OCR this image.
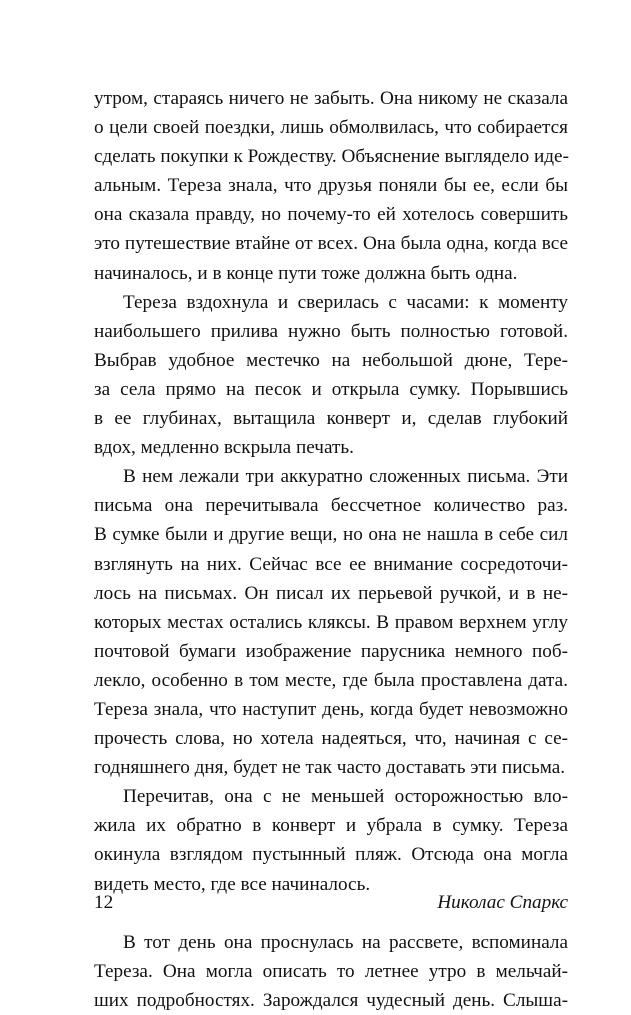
утром, стараясь ничего не забыть. Она никому не сказала
о цели своей поездки, лишь обмолвилась, что собирается
сделать покупки к Рождеству. Объяснение выглядело иде-
альным. Тереза знала, что друзья поняли бы ее, если бы
она сказала правду, но почему-то ей хотелось совершить
это путешествие втайне от всех. Она была одна, когда все
начиналось, и в конце пути тоже должна быть одна.
Тереза вздохнула и сверилась с часами: к моменту
наибольшего прилива нужно быть полностью готовой.
Выбрав удобное местечко на небольшой дюне, Тере-
за села прямо на песок и открыла сумку. Порывшись
в ее глубинах, вытащила конверт и, сделав глубокий
вдох, медленно вскрыла печать.
В нем лежали три аккуратно сложенных письма. Эти
письма она перечитывала бессчетное количество раз.
В сумке были и другие вещи, но она не нашла в себе сил
взглянуть на них. Сейчас все ее внимание сосредоточи-
лось на письмах. Он писал их перьевой ручкой, и в не-
которых местах остались кляксы. В правом верхнем углу
почтовой бумаги изображение парусника немного поб-
лекло, особенно в том месте, где была проставлена дата.
Тереза знала, что наступит день, когда будет невозможно
прочесть слова, но хотела надеяться, что, начиная с се-
годняшнего дня, будет не так часто доставать эти письма.
Перечитав, она с не меньшей осторожностью вло-
жила их обратно в конверт и убрала в сумку. Тереза
окинула взглядом пустынный пляж. Отсюда она могла
видеть место, где все начиналось.
В тот день она проснулась на рассвете, вспоминала
Тереза. Она могла описать то летнее утро в мельчай-
ших подробностях. Зарождался чудесный день. Слыша-
12	Николас Спаркс
